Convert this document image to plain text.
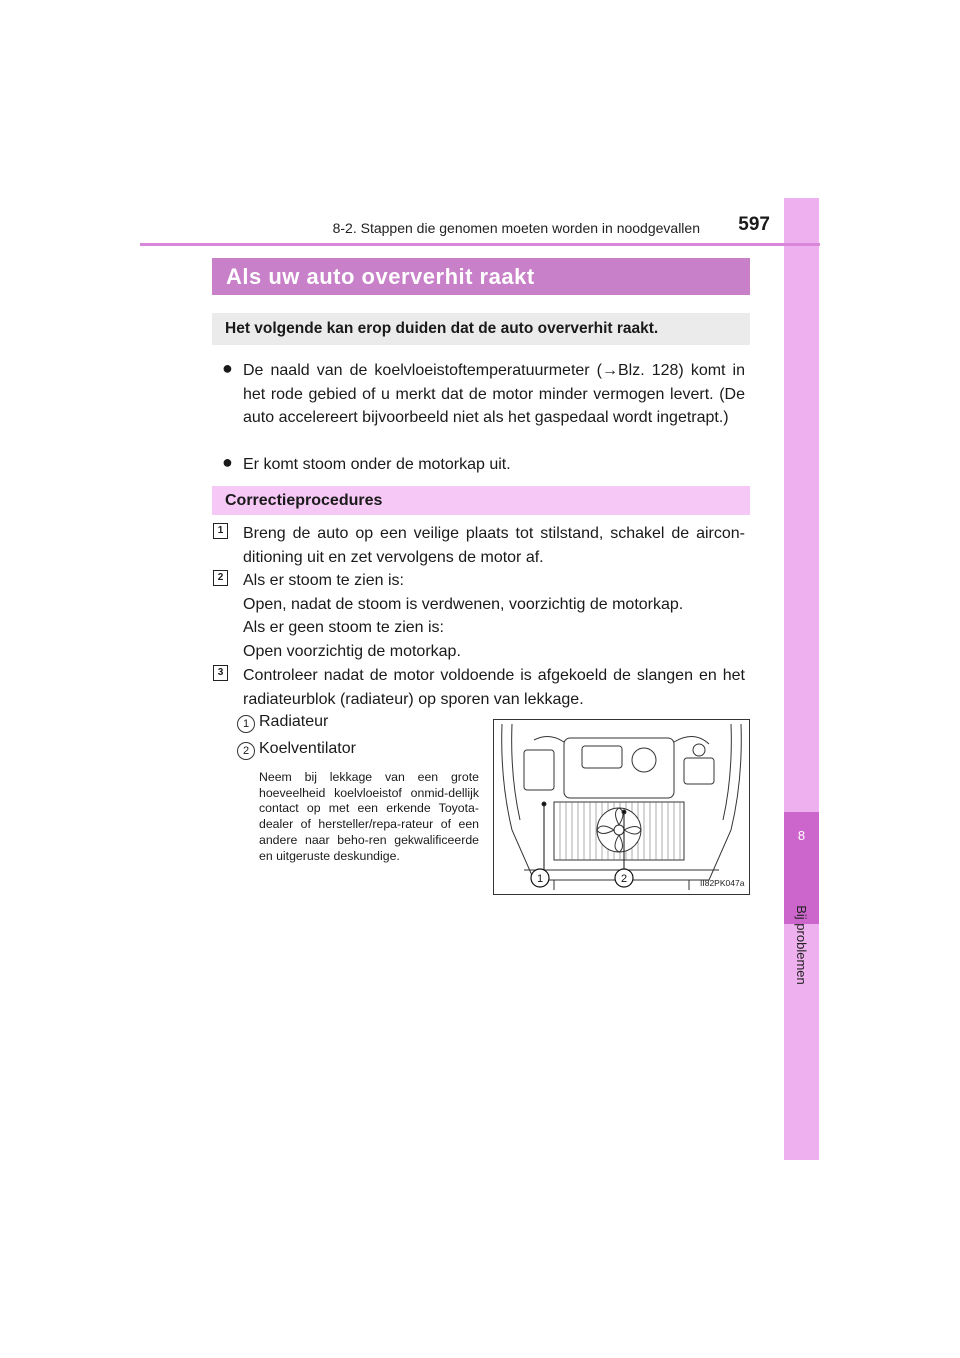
8
Bij problemen
8-2. Stappen die genomen moeten worden in noodgevallen	597
Als uw auto oververhit raakt
Het volgende kan erop duiden dat de auto oververhit raakt.
● De naald van de koelvloeistoftemperatuurmeter (→Blz. 128) komt in het rode gebied of u merkt dat de motor minder vermogen levert. (De auto accelereert bijvoorbeeld niet als het gaspedaal wordt ingetrapt.)
● Er komt stoom onder de motorkap uit.
Correctieprocedures
1 Breng de auto op een veilige plaats tot stilstand, schakel de aircon-ditioning uit en zet vervolgens de motor af.
2 Als er stoom te zien is:
Open, nadat de stoom is verdwenen, voorzichtig de motorkap.
Als er geen stoom te zien is:
Open voorzichtig de motorkap.
3 Controleer nadat de motor voldoende is afgekoeld de slangen en het radiateurblok (radiateur) op sporen van lekkage.
1 Radiateur
2 Koelventilator
Neem bij lekkage van een grote hoeveelheid koelvloeistof onmid-dellijk contact op met een erkende Toyota-dealer of hersteller/repa-rateur of een andere naar beho-ren gekwalificeerde en uitgeruste deskundige.
1	2	II82PK047a
